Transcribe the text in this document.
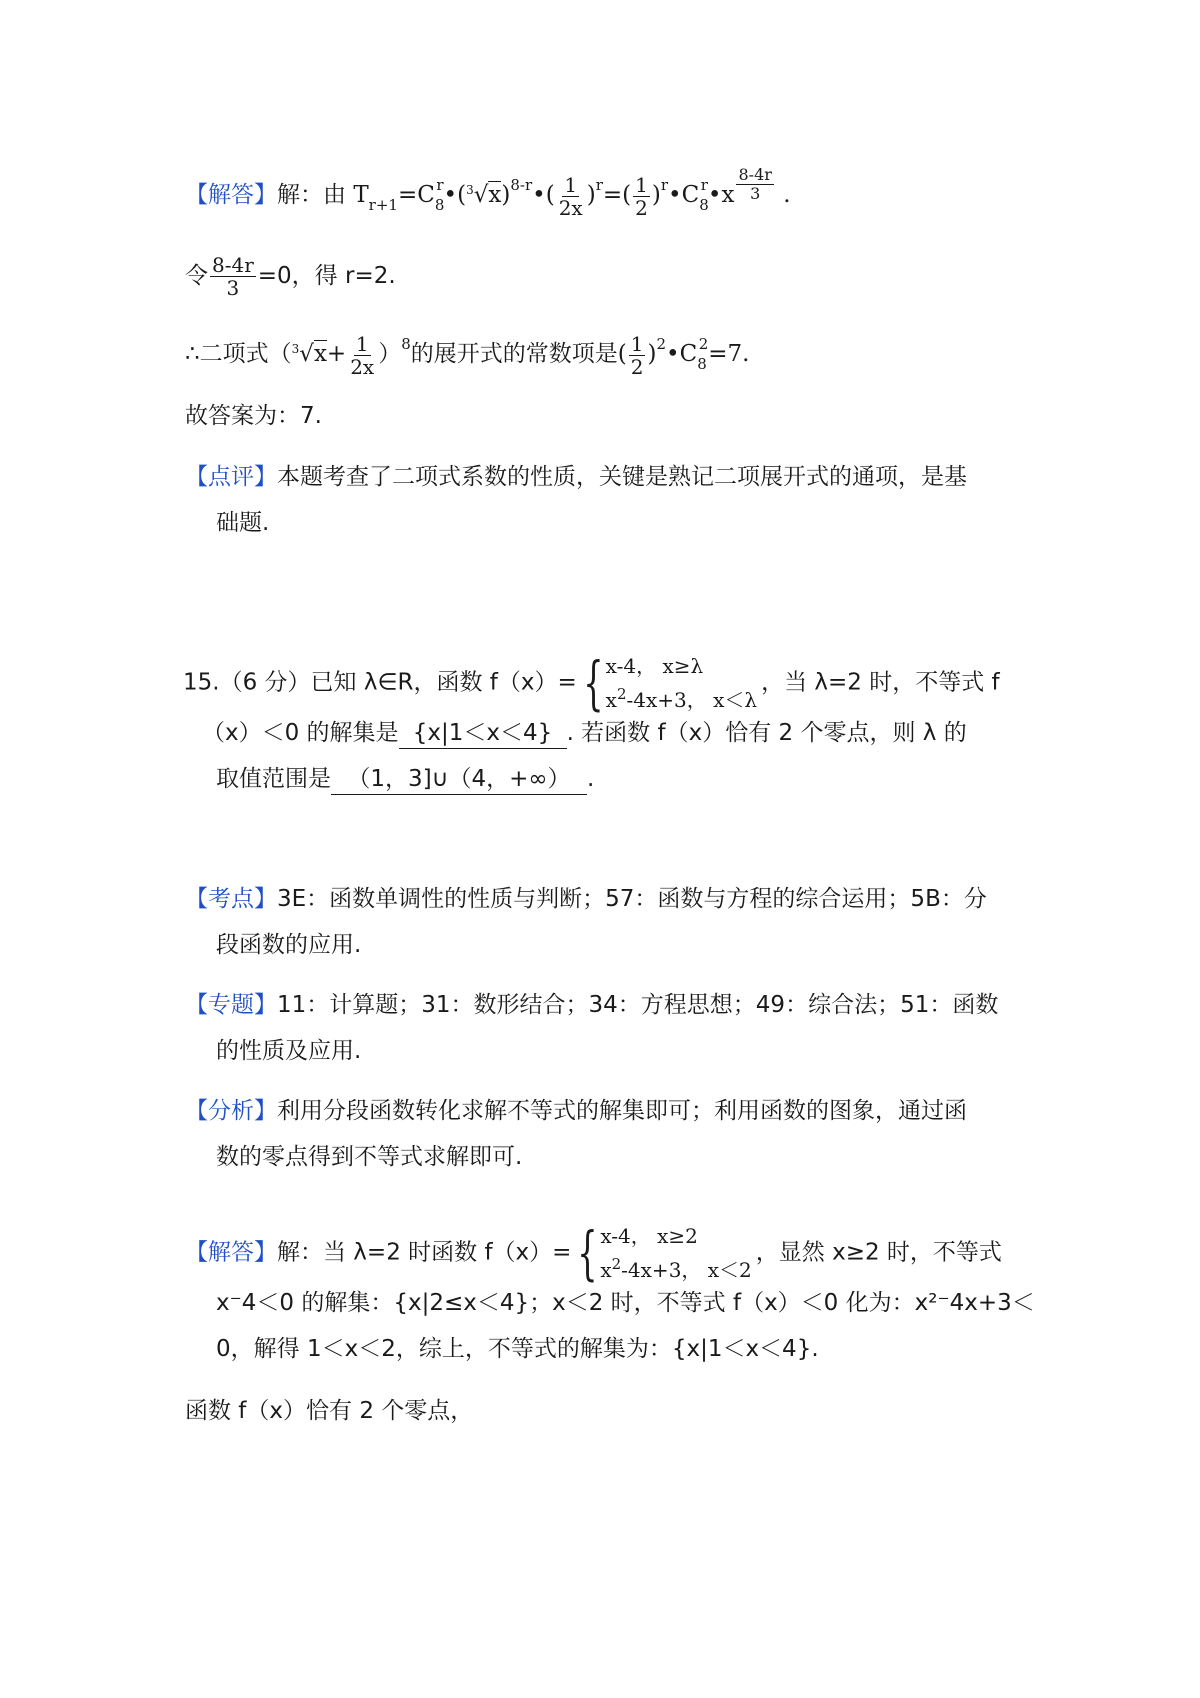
【解答】解：由 $T_{r+1}=C_8^r•(^3√x)^{8-r}•( \frac{1}{2x} )^r=( \frac{1}{2}$ )$^r•C_8^r•x \frac{8-4r}{3}$ .
令 $\frac{8-4r}{3} =0$，得 r=2.
∴二项式$(^3√x+ \frac{1}{2x} )^8$的展开式的常数项是( $\frac{1}{2}$ )$^2•C_8^2=7$.
故答案为：7.
【点评】本题考查了二项式系数的性质，关键是熟记二项展开式的通项，是基
础题.
15.（6 分）已知 λ∈R，函数 f（x）= { x-4， x≥λ
$x^2-4x+3$， x＜λ
，当 λ=2 时，不等式 f
（x）＜0 的解集是 {x|1＜x＜4} . 若函数 f（x）恰有 2 个零点，则 λ 的
取值范围是 （1，3]∪（4，+∞） .
【考点】3E：函数单调性的性质与判断；57：函数与方程的综合运用；5B：分
段函数的应用.
【专题】11：计算题；31：数形结合；34：方程思想；49：综合法；51：函数
的性质及应用.
【分析】利用分段函数转化求解不等式的解集即可；利用函数的图象，通过函
数的零点得到不等式求解即可.
【解答】解：当 λ=2 时函数 f（x）= { x-4， x≥2
$x^2-4x+3$， x＜2
，显然 x≥2 时，不等式
x⁻4＜0 的解集：{x|2≤x＜4}；x＜2 时，不等式 f（x）＜0 化为：x²⁻4x+3＜
0，解得 1＜x＜2，综上，不等式的解集为：{x|1＜x＜4}.
函数 f（x）恰有 2 个零点，
